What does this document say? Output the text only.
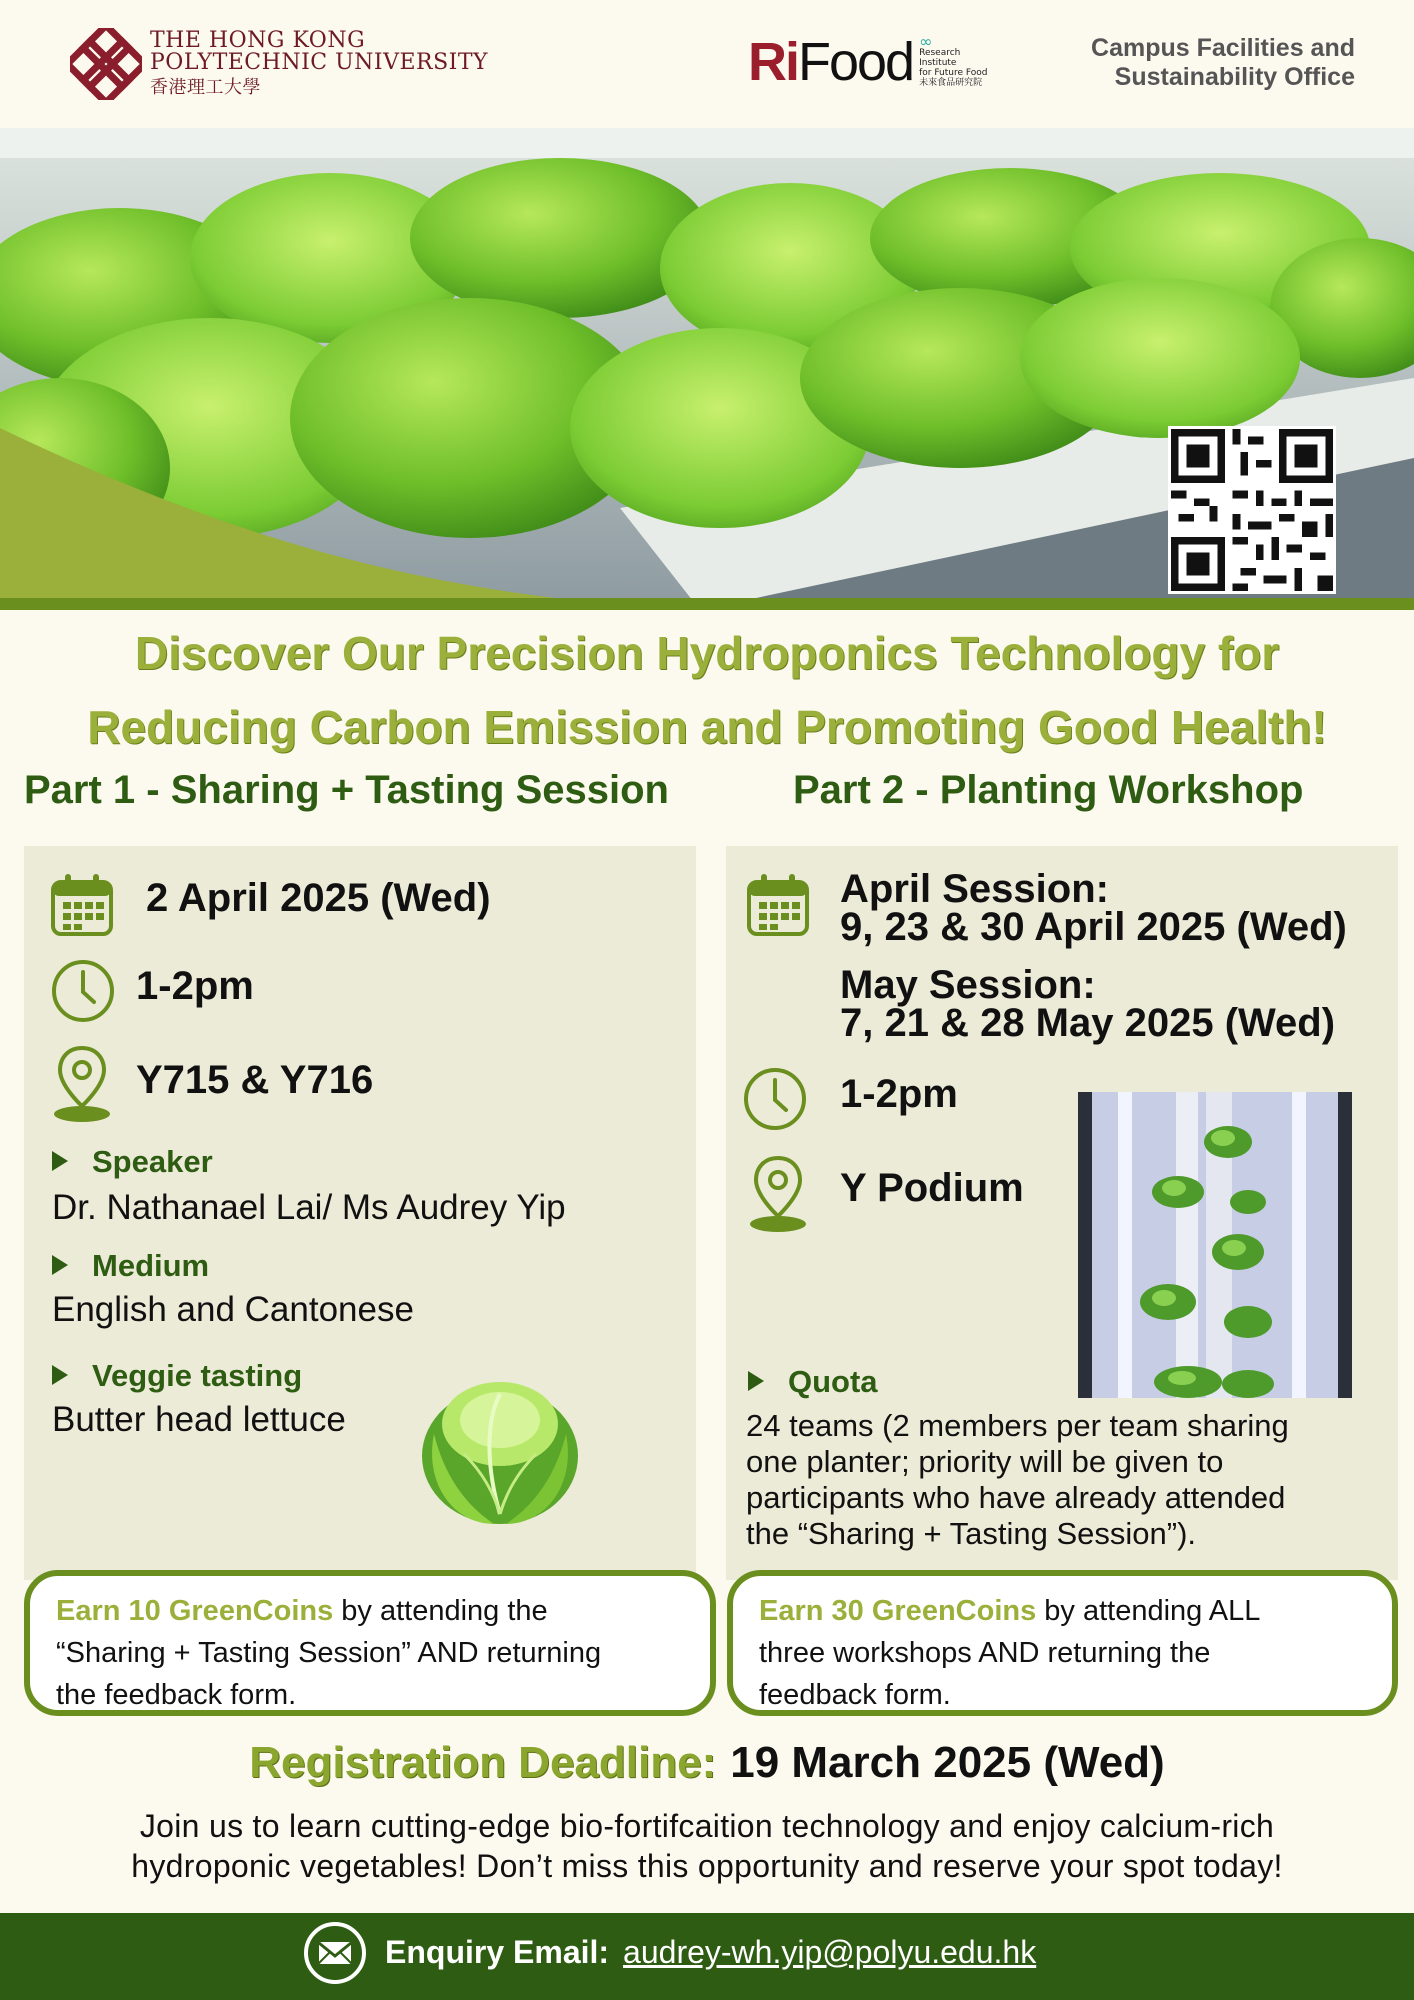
THE HONG KONG
POLYTECHNIC UNIVERSITY
香港理工大學	Ri Food ∞
Research Institute
for Future Food
未來食品研究院
Campus Facilities and
Sustainability Office
Discover Our Precision Hydroponics Technology for
Reducing Carbon Emission and Promoting Good Health!
Part 1 - Sharing + Tasting Session	Part 2 - Planting Workshop
2 April 2025 (Wed)
1-2pm
Y715 & Y716
Speaker
Dr. Nathanael Lai/ Ms Audrey Yip
Medium
English and Cantonese
Veggie tasting
Butter head lettuce
April Session:
9, 23 & 30 April 2025 (Wed)
May Session:
7, 21 & 28 May 2025 (Wed)
1-2pm
Y Podium
Quota
24 teams (2 members per team sharing
one planter; priority will be given to
participants who have already attended
the “Sharing + Tasting Session”).
Earn 10 GreenCoins by attending the
“Sharing + Tasting Session” AND returning
the feedback form.
Earn 30 GreenCoins by attending ALL
three workshops AND returning the
feedback form.
Registration Deadline: 19 March 2025 (Wed)
Join us to learn cutting-edge bio-fortifcaition technology and enjoy calcium-rich
hydroponic vegetables! Don’t miss this opportunity and reserve your spot today!
Enquiry Email: audrey-wh.yip@polyu.edu.hk
